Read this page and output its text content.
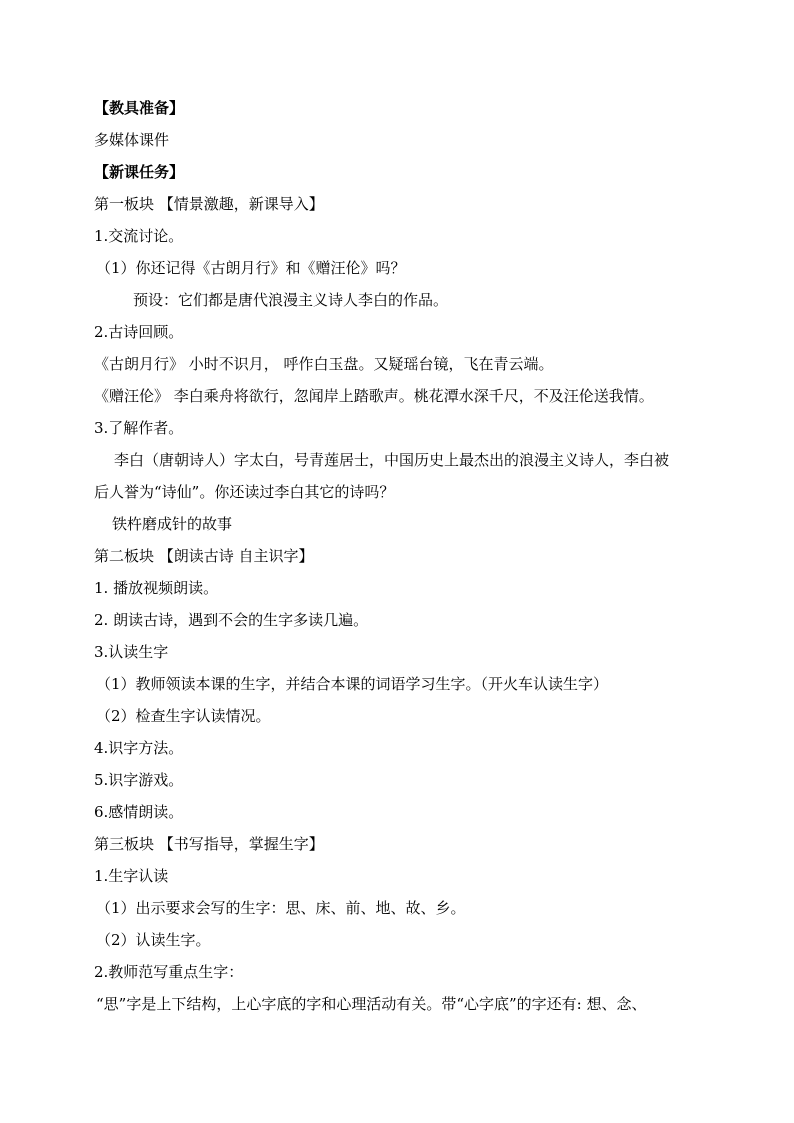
【教具准备】
多媒体课件
【新课任务】
第一板块 【情景激趣，新课导入】
1.交流讨论。
（1）你还记得《古朗月行》和《赠汪伦》吗？
预设：它们都是唐代浪漫主义诗人李白的作品。
2.古诗回顾。
《古朗月行》 小时不识月， 呼作白玉盘。又疑瑶台镜，飞在青云端。
《赠汪伦》 李白乘舟将欲行，忽闻岸上踏歌声。桃花潭水深千尺，不及汪伦送我情。
3.了解作者。
李白（唐朝诗人）字太白，号青莲居士，中国历史上最杰出的浪漫主义诗人，李白被
后人誉为“诗仙”。你还读过李白其它的诗吗？
铁杵磨成针的故事
第二板块 【朗读古诗 自主识字】
1. 播放视频朗读。
2. 朗读古诗，遇到不会的生字多读几遍。
3.认读生字
（1）教师领读本课的生字，并结合本课的词语学习生字。（开火车认读生字）
（2）检查生字认读情况。
4.识字方法。
5.识字游戏。
6.感情朗读。
第三板块 【书写指导，掌握生字】
1.生字认读
（1）出示要求会写的生字：思、床、前、地、故、乡。
（2）认读生字。
2.教师范写重点生字：
“思”字是上下结构，上心字底的字和心理活动有关。带“心字底”的字还有: 想、念、
